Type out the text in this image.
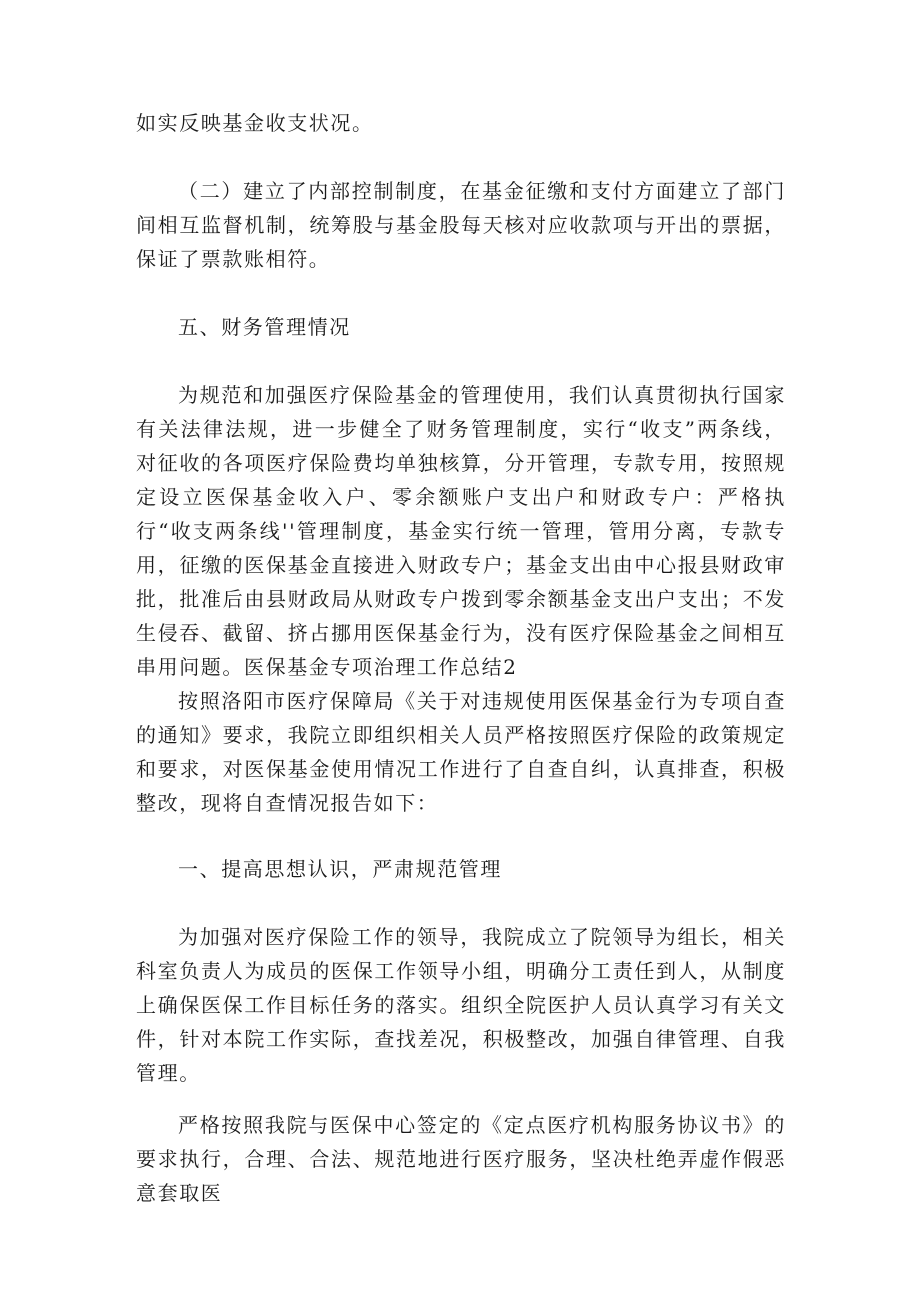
如实反映基金收支状况。

（二）建立了内部控制制度，在基金征缴和支付方面建立了部门间相互监督机制，统筹股与基金股每天核对应收款项与开出的票据，保证了票款账相符。

五、财务管理情况

为规范和加强医疗保险基金的管理使用，我们认真贯彻执行国家有关法律法规，进一步健全了财务管理制度，实行“收支”两条线，对征收的各项医疗保险费均单独核算，分开管理，专款专用，按照规定设立医保基金收入户、零余额账户支出户和财政专户：严格执行“收支两条线''管理制度，基金实行统一管理，管用分离，专款专用，征缴的医保基金直接进入财政专户；基金支出由中心报县财政审批，批准后由县财政局从财政专户拨到零余额基金支出户支出；不发生侵吞、截留、挤占挪用医保基金行为，没有医疗保险基金之间相互串用问题。医保基金专项治理工作总结2

按照洛阳市医疗保障局《关于对违规使用医保基金行为专项自查的通知》要求，我院立即组织相关人员严格按照医疗保险的政策规定和要求，对医保基金使用情况工作进行了自查自纠，认真排查，积极整改，现将自查情况报告如下：

一、提高思想认识，严肃规范管理

为加强对医疗保险工作的领导，我院成立了院领导为组长，相关科室负责人为成员的医保工作领导小组，明确分工责任到人，从制度上确保医保工作目标任务的落实。组织全院医护人员认真学习有关文件，针对本院工作实际，查找差况，积极整改，加强自律管理、自我管理。

严格按照我院与医保中心签定的《定点医疗机构服务协议书》的要求执行，合理、合法、规范地进行医疗服务，坚决杜绝弄虚作假恶意套取医
